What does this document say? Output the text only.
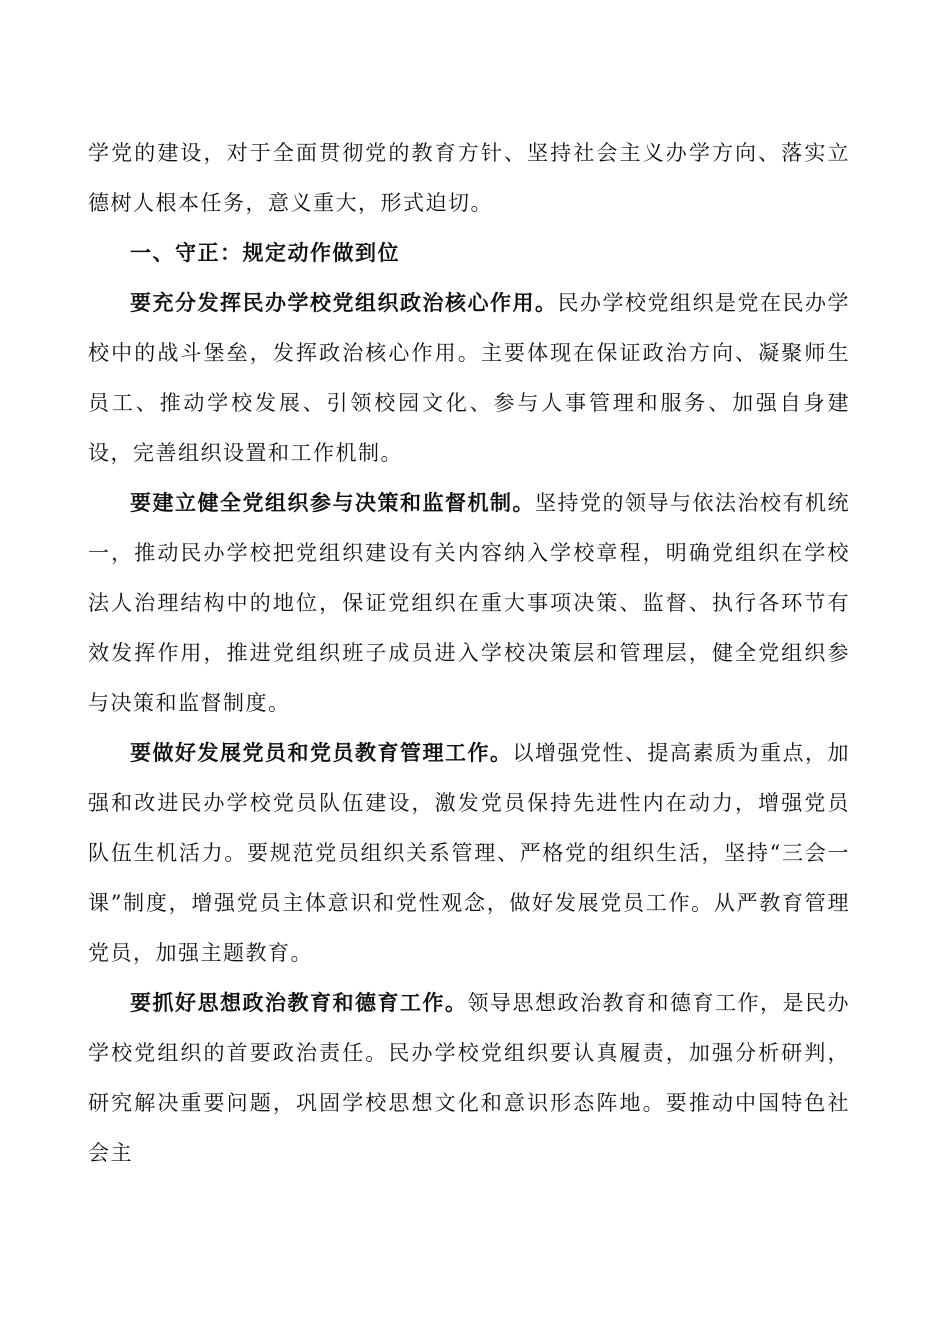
学党的建设，对于全面贯彻党的教育方针、坚持社会主义办学方向、落实立德树人根本任务，意义重大，形式迫切。

一、守正：规定动作做到位

要充分发挥民办学校党组织政治核心作用。民办学校党组织是党在民办学校中的战斗堡垒，发挥政治核心作用。主要体现在保证政治方向、凝聚师生员工、推动学校发展、引领校园文化、参与人事管理和服务、加强自身建设，完善组织设置和工作机制。

要建立健全党组织参与决策和监督机制。坚持党的领导与依法治校有机统一，推动民办学校把党组织建设有关内容纳入学校章程，明确党组织在学校法人治理结构中的地位，保证党组织在重大事项决策、监督、执行各环节有效发挥作用，推进党组织班子成员进入学校决策层和管理层，健全党组织参与决策和监督制度。

要做好发展党员和党员教育管理工作。以增强党性、提高素质为重点，加强和改进民办学校党员队伍建设，激发党员保持先进性内在动力，增强党员队伍生机活力。要规范党员组织关系管理、严格党的组织生活，坚持“三会一课”制度，增强党员主体意识和党性观念，做好发展党员工作。从严教育管理党员，加强主题教育。

要抓好思想政治教育和德育工作。领导思想政治教育和德育工作，是民办学校党组织的首要政治责任。民办学校党组织要认真履责，加强分析研判，研究解决重要问题，巩固学校思想文化和意识形态阵地。要推动中国特色社会主
